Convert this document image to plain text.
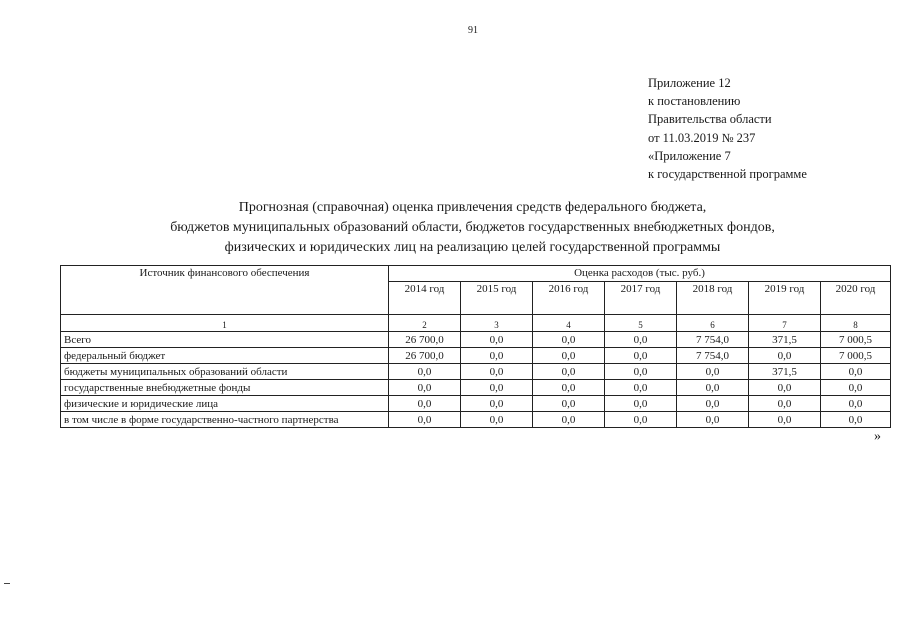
91
Приложение 12
к постановлению
Правительства области
от 11.03.2019 № 237
«Приложение 7
к государственной программе
Прогнозная (справочная) оценка привлечения средств федерального бюджета,
бюджетов муниципальных образований области, бюджетов государственных внебюджетных фондов,
физических и юридических лиц на реализацию целей государственной программы
Источник финансового обеспечения	Оценка расходов (тыс. руб.)						
	2014 год	2015 год	2016 год	2017 год	2018 год	2019 год	2020 год
1	2	3	4	5	6	7	8
Всего	26 700,0	0,0	0,0	0,0	7 754,0	371,5	7 000,5
федеральный бюджет	26 700,0	0,0	0,0	0,0	7 754,0	0,0	7 000,5
бюджеты муниципальных образований области	0,0	0,0	0,0	0,0	0,0	371,5	0,0
государственные внебюджетные фонды	0,0	0,0	0,0	0,0	0,0	0,0	0,0
физические и юридические лица	0,0	0,0	0,0	0,0	0,0	0,0	0,0
в том числе в форме государственно-частного партнерства	0,0	0,0	0,0	0,0	0,0	0,0	0,0
»
